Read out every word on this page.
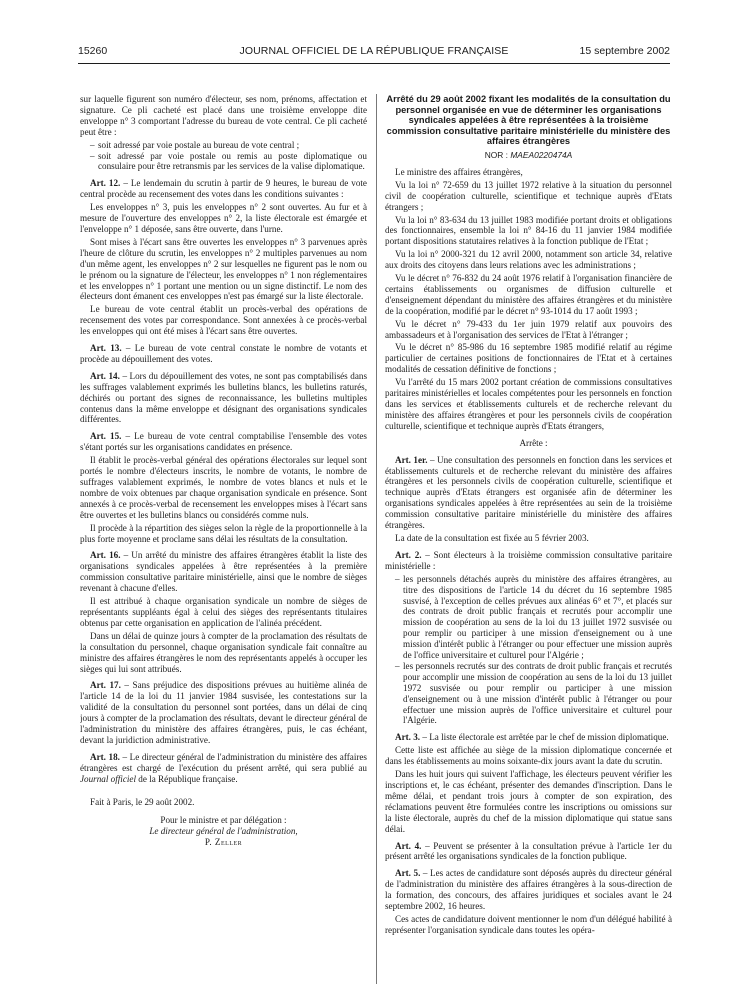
15260	JOURNAL OFFICIEL DE LA RÉPUBLIQUE FRANÇAISE	15 septembre 2002

sur laquelle figurent son numéro d'électeur, ses nom, prénoms, affectation et signature. Ce pli cacheté est placé dans une troisième enveloppe dite enveloppe n° 3 comportant l'adresse du bureau de vote central. Ce pli cacheté peut être :

– soit adressé par voie postale au bureau de vote central ;
– soit adressé par voie postale ou remis au poste diplomatique ou consulaire pour être retransmis par les services de la valise diplomatique.

Art. 12. – Le lendemain du scrutin à partir de 9 heures, le bureau de vote central procède au recensement des votes dans les conditions suivantes :

Les enveloppes n° 3, puis les enveloppes n° 2 sont ouvertes. Au fur et à mesure de l'ouverture des enveloppes n° 2, la liste électorale est émargée et l'enveloppe n° 1 déposée, sans être ouverte, dans l'urne.

Sont mises à l'écart sans être ouvertes les enveloppes n° 3 parvenues après l'heure de clôture du scrutin, les enveloppes n° 2 multiples parvenues au nom d'un même agent, les enveloppes n° 2 sur lesquelles ne figurent pas le nom ou le prénom ou la signature de l'électeur, les enveloppes n° 1 non réglementaires et les enveloppes n° 1 portant une mention ou un signe distinctif. Le nom des électeurs dont émanent ces enveloppes n'est pas émargé sur la liste électorale.

Le bureau de vote central établit un procès-verbal des opérations de recensement des votes par correspondance. Sont annexées à ce procès-verbal les enveloppes qui ont été mises à l'écart sans être ouvertes.

Art. 13. – Le bureau de vote central constate le nombre de votants et procède au dépouillement des votes.

Art. 14. – Lors du dépouillement des votes, ne sont pas comptabilisés dans les suffrages valablement exprimés les bulletins blancs, les bulletins raturés, déchirés ou portant des signes de reconnaissance, les bulletins multiples contenus dans la même enveloppe et désignant des organisations syndicales différentes.

Art. 15. – Le bureau de vote central comptabilise l'ensemble des votes s'étant portés sur les organisations candidates en présence.

Il établit le procès-verbal général des opérations électorales sur lequel sont portés le nombre d'électeurs inscrits, le nombre de votants, le nombre de suffrages valablement exprimés, le nombre de votes blancs et nuls et le nombre de voix obtenues par chaque organisation syndicale en présence. Sont annexés à ce procès-verbal de recensement les enveloppes mises à l'écart sans être ouvertes et les bulletins blancs ou considérés comme nuls.

Il procède à la répartition des sièges selon la règle de la proportionnelle à la plus forte moyenne et proclame sans délai les résultats de la consultation.

Art. 16. – Un arrêté du ministre des affaires étrangères établit la liste des organisations syndicales appelées à être représentées à la première commission consultative paritaire ministérielle, ainsi que le nombre de sièges revenant à chacune d'elles.

Il est attribué à chaque organisation syndicale un nombre de sièges de représentants suppléants égal à celui des sièges des représentants titulaires obtenus par cette organisation en application de l'alinéa précédent.

Dans un délai de quinze jours à compter de la proclamation des résultats de la consultation du personnel, chaque organisation syndicale fait connaître au ministre des affaires étrangères le nom des représentants appelés à occuper les sièges qui lui sont attribués.

Art. 17. – Sans préjudice des dispositions prévues au huitième alinéa de l'article 14 de la loi du 11 janvier 1984 susvisée, les contestations sur la validité de la consultation du personnel sont portées, dans un délai de cinq jours à compter de la proclamation des résultats, devant le directeur général de l'administration du ministère des affaires étrangères, puis, le cas échéant, devant la juridiction administrative.

Art. 18. – Le directeur général de l'administration du ministère des affaires étrangères est chargé de l'exécution du présent arrêté, qui sera publié au Journal officiel de la République française.

Fait à Paris, le 29 août 2002.

Pour le ministre et par délégation :
Le directeur général de l'administration,
P. Zeller
Arrêté du 29 août 2002 fixant les modalités de la consultation du personnel organisée en vue de déterminer les organisations syndicales appelées à être représentées à la troisième commission consultative paritaire ministérielle du ministère des affaires étrangères
NOR : MAEA0220474A

Le ministre des affaires étrangères,

Vu la loi n° 72-659 du 13 juillet 1972 relative à la situation du personnel civil de coopération culturelle, scientifique et technique auprès d'Etats étrangers ;

Vu la loi n° 83-634 du 13 juillet 1983 modifiée portant droits et obligations des fonctionnaires, ensemble la loi n° 84-16 du 11 janvier 1984 modifiée portant dispositions statutaires relatives à la fonction publique de l'Etat ;

Vu la loi n° 2000-321 du 12 avril 2000, notamment son article 34, relative aux droits des citoyens dans leurs relations avec les administrations ;

Vu le décret n° 76-832 du 24 août 1976 relatif à l'organisation financière de certains établissements ou organismes de diffusion culturelle et d'enseignement dépendant du ministère des affaires étrangères et du ministère de la coopération, modifié par le décret n° 93-1014 du 17 août 1993 ;

Vu le décret n° 79-433 du 1er juin 1979 relatif aux pouvoirs des ambassadeurs et à l'organisation des services de l'Etat à l'étranger ;

Vu le décret n° 85-986 du 16 septembre 1985 modifié relatif au régime particulier de certaines positions de fonctionnaires de l'Etat et à certaines modalités de cessation définitive de fonctions ;

Vu l'arrêté du 15 mars 2002 portant création de commissions consultatives paritaires ministérielles et locales compétentes pour les personnels en fonction dans les services et établissements culturels et de recherche relevant du ministère des affaires étrangères et pour les personnels civils de coopération culturelle, scientifique et technique auprès d'Etats étrangers,

Arrête :

Art. 1er. – Une consultation des personnels en fonction dans les services et établissements culturels et de recherche relevant du ministère des affaires étrangères et les personnels civils de coopération culturelle, scientifique et technique auprès d'Etats étrangers est organisée afin de déterminer les organisations syndicales appelées à être représentées au sein de la troisième commission consultative paritaire ministérielle du ministère des affaires étrangères.

La date de la consultation est fixée au 5 février 2003.

Art. 2. – Sont électeurs à la troisième commission consultative paritaire ministérielle :

– les personnels détachés auprès du ministère des affaires étrangères, au titre des dispositions de l'article 14 du décret du 16 septembre 1985 susvisé, à l'exception de celles prévues aux alinéas 6° et 7°, et placés sur des contrats de droit public français et recrutés pour accomplir une mission de coopération au sens de la loi du 13 juillet 1972 susvisée ou pour remplir ou participer à une mission d'enseignement ou à une mission d'intérêt public à l'étranger ou pour effectuer une mission auprès de l'office universitaire et culturel pour l'Algérie ;
– les personnels recrutés sur des contrats de droit public français et recrutés pour accomplir une mission de coopération au sens de la loi du 13 juillet 1972 susvisée ou pour remplir ou participer à une mission d'enseignement ou à une mission d'intérêt public à l'étranger ou pour effectuer une mission auprès de l'office universitaire et culturel pour l'Algérie.

Art. 3. – La liste électorale est arrêtée par le chef de mission diplomatique.

Cette liste est affichée au siège de la mission diplomatique concernée et dans les établissements au moins soixante-dix jours avant la date du scrutin.

Dans les huit jours qui suivent l'affichage, les électeurs peuvent vérifier les inscriptions et, le cas échéant, présenter des demandes d'inscription. Dans le même délai, et pendant trois jours à compter de son expiration, des réclamations peuvent être formulées contre les inscriptions ou omissions sur la liste électorale, auprès du chef de la mission diplomatique qui statue sans délai.

Art. 4. – Peuvent se présenter à la consultation prévue à l'article 1er du présent arrêté les organisations syndicales de la fonction publique.

Art. 5. – Les actes de candidature sont déposés auprès du directeur général de l'administration du ministère des affaires étrangères à la sous-direction de la formation, des concours, des affaires juridiques et sociales avant le 24 septembre 2002, 16 heures.

Ces actes de candidature doivent mentionner le nom d'un délégué habilité à représenter l'organisation syndicale dans toutes les opéra-
